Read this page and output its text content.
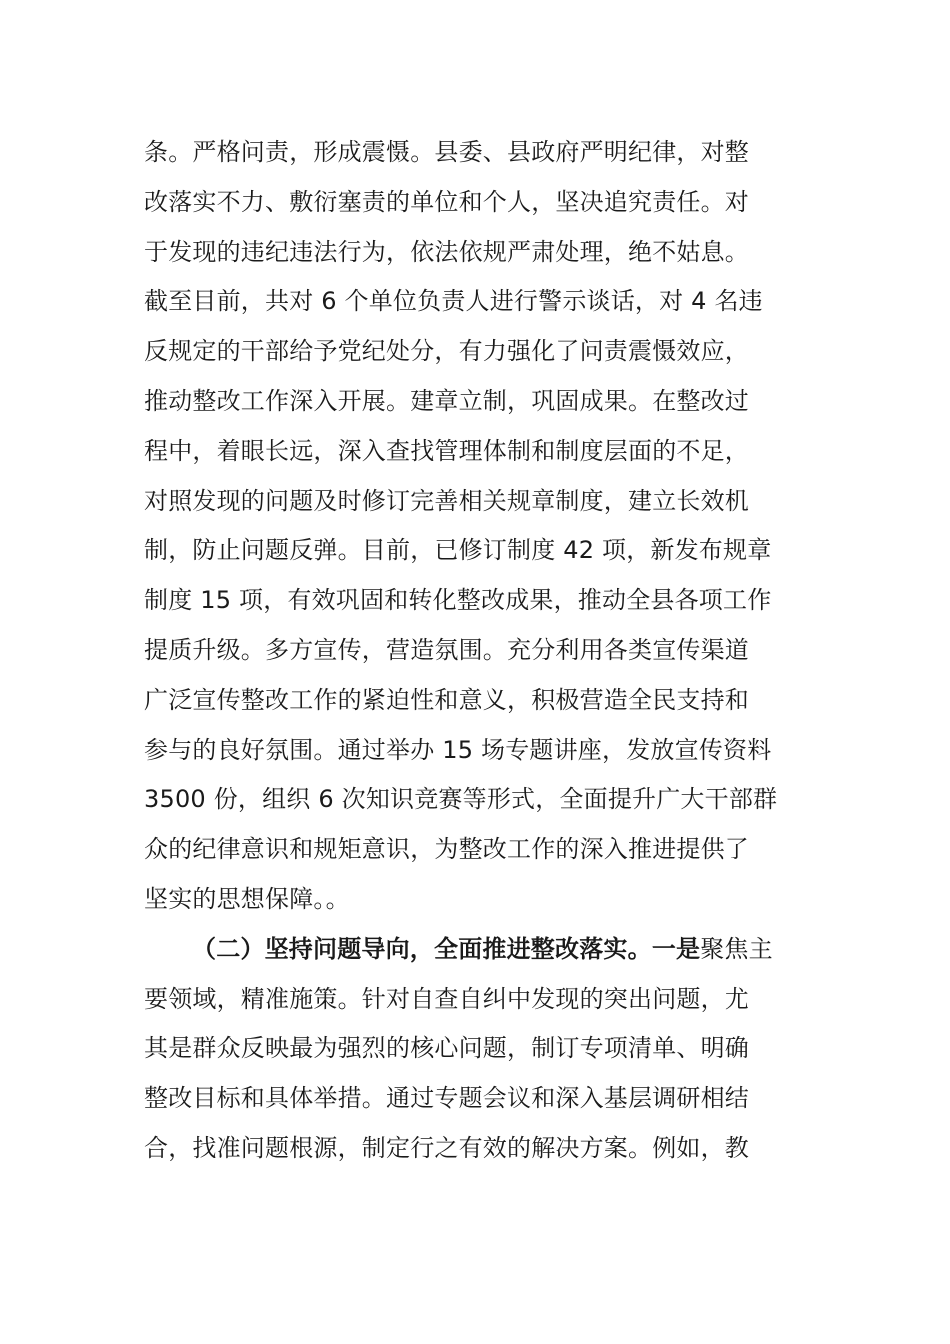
条。严格问责，形成震慑。县委、县政府严明纪律，对整
改落实不力、敷衍塞责的单位和个人，坚决追究责任。对
于发现的违纪违法行为，依法依规严肃处理，绝不姑息。
截至目前，共对 6 个单位负责人进行警示谈话，对 4 名违
反规定的干部给予党纪处分，有力强化了问责震慑效应，
推动整改工作深入开展。建章立制，巩固成果。在整改过
程中，着眼长远，深入查找管理体制和制度层面的不足，
对照发现的问题及时修订完善相关规章制度，建立长效机
制，防止问题反弹。目前，已修订制度 42 项，新发布规章
制度 15 项，有效巩固和转化整改成果，推动全县各项工作
提质升级。多方宣传，营造氛围。充分利用各类宣传渠道
广泛宣传整改工作的紧迫性和意义，积极营造全民支持和
参与的良好氛围。通过举办 15 场专题讲座，发放宣传资料
3500 份，组织 6 次知识竞赛等形式，全面提升广大干部群
众的纪律意识和规矩意识，为整改工作的深入推进提供了
坚实的思想保障。。
（二）坚持问题导向，全面推进整改落实。一是聚焦主
要领域，精准施策。针对自查自纠中发现的突出问题，尤
其是群众反映最为强烈的核心问题，制订专项清单、明确
整改目标和具体举措。通过专题会议和深入基层调研相结
合，找准问题根源，制定行之有效的解决方案。例如，教
